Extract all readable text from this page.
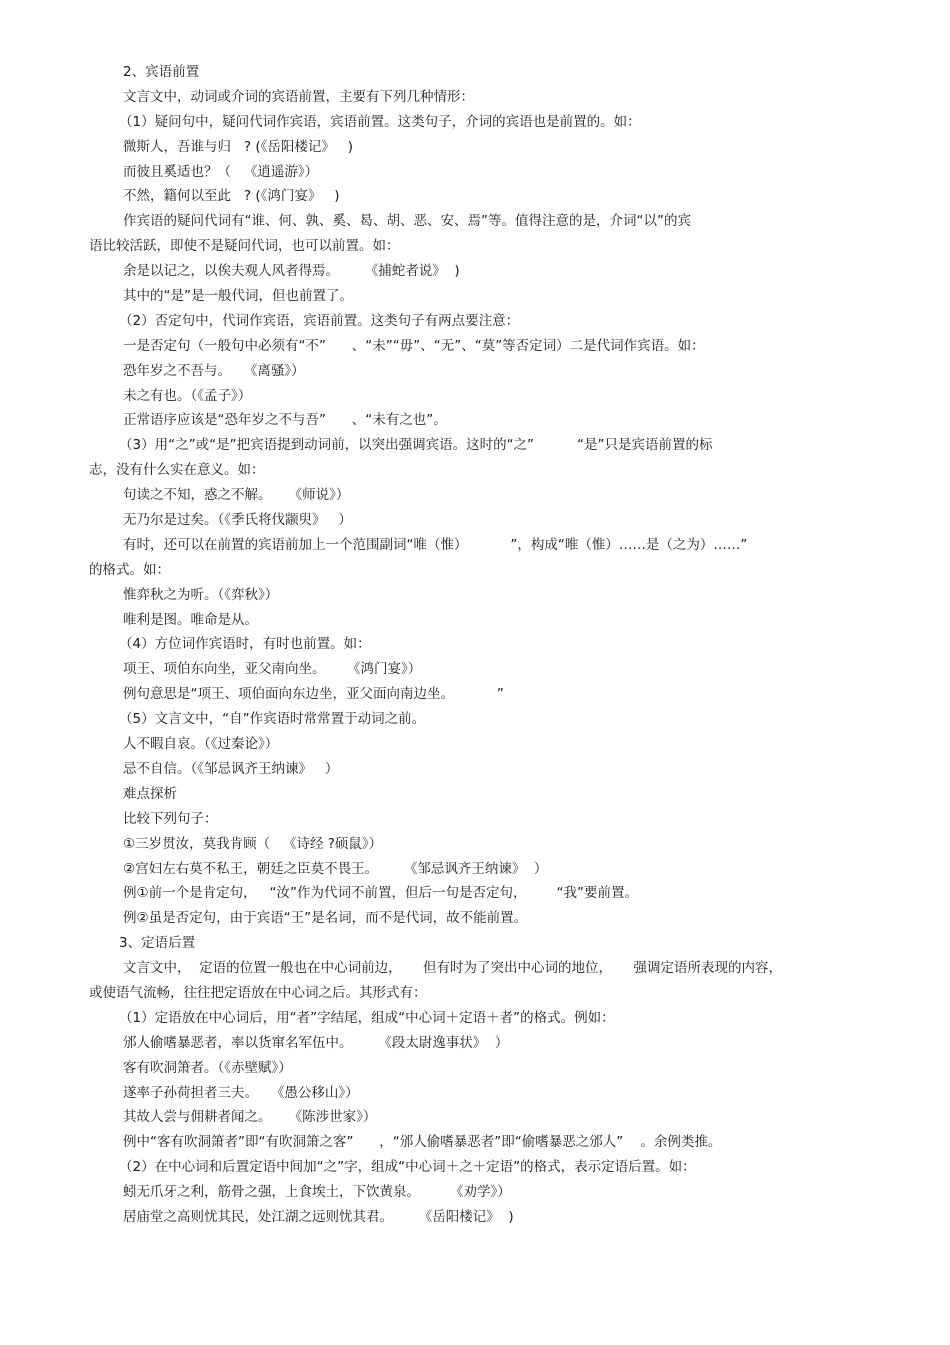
2、宾语前置
文言文中，动词或介词的宾语前置，主要有下列几种情形：
（1）疑问句中，疑问代词作宾语，宾语前置。这类句子，介词的宾语也是前置的。如：
微斯人，吾谁与归   ? (《岳阳楼记》   )
而彼且奚适也？（   《逍遥游》）
不然，籍何以至此   ? (《鸿门宴》   )
作宾语的疑问代词有“谁、何、孰、奚、曷、胡、恶、安、焉”等。值得注意的是，介词“以”的宾
语比较活跃，即使不是疑问代词，也可以前置。如：
余是以记之，以俟夫观人风者得焉。      《捕蛇者说》  )
其中的“是”是一般代词，但也前置了。
（2）否定句中，代词作宾语，宾语前置。这类句子有两点要注意：
一是否定句（一般句中必须有“不”      、“未”“毋”、“无”、“莫”等否定词）二是代词作宾语。如：
恐年岁之不吾与。   《离骚》）
未之有也。（《孟子》）
正常语序应该是“恐年岁之不与吾”      、“未有之也”。
（3）用“之”或“是”把宾语提到动词前，以突出强调宾语。这时的“之”          “是”只是宾语前置的标
志，没有什么实在意义。如：
句读之不知，惑之不解。    《师说》）
无乃尔是过矣。（《季氏将伐颛臾》   ）
有时，还可以在前置的宾语前加上一个范围副词“唯（惟）          ”，构成“唯（惟）……是（之为）……”
的格式。如：
惟弈秋之为听。（《弈秋》）
唯利是图。唯命是从。
（4）方位词作宾语时，有时也前置。如：
项王、项伯东向坐，亚父南向坐。     《鸿门宴》）
例句意思是“项王、项伯面向东边坐，亚父面向南边坐。          ”
（5）文言文中，“自”作宾语时常常置于动词之前。
人不暇自哀。（《过秦论》）
忌不自信。（《邹忌讽齐王纳谏》   ）
难点探析
比较下列句子：
①三岁贯汝，莫我肯顾（   《诗经 ?硕鼠》）
②宫妇左右莫不私王，朝廷之臣莫不畏王。      《邹忌讽齐王纳谏》  ）
例①前一个是肯定句，   “汝”作为代词不前置，但后一句是否定句，       “我”要前置。
例②虽是否定句，由于宾语“王”是名词，而不是代词，故不能前置。
3、定语后置
文言文中，  定语的位置一般也在中心词前边，     但有时为了突出中心词的地位，     强调定语所表现的内容，
或使语气流畅，往往把定语放在中心词之后。其形式有：
（1）定语放在中心词后，用“者”字结尾，组成“中心词＋定语＋者”的格式。例如：
邠人偷嗜暴恶者，率以货窜名军伍中。      《段太尉逸事状》  ）
客有吹洞箫者。（《赤壁赋》）
遂率子孙荷担者三夫。   《愚公移山》）
其故人尝与佣耕者闻之。    《陈涉世家》）
例中“客有吹洞箫者”即“有吹洞箫之客”      ，“邠人偷嗜暴恶者”即“偷嗜暴恶之邠人”    。余例类推。
（2）在中心词和后置定语中间加“之”字，组成“中心词＋之＋定语”的格式，表示定语后置。如：
蚓无爪牙之利，筋骨之强，上食埃土，下饮黄泉。       《劝学》）
居庙堂之高则忧其民，处江湖之远则忧其君。      《岳阳楼记》  )
